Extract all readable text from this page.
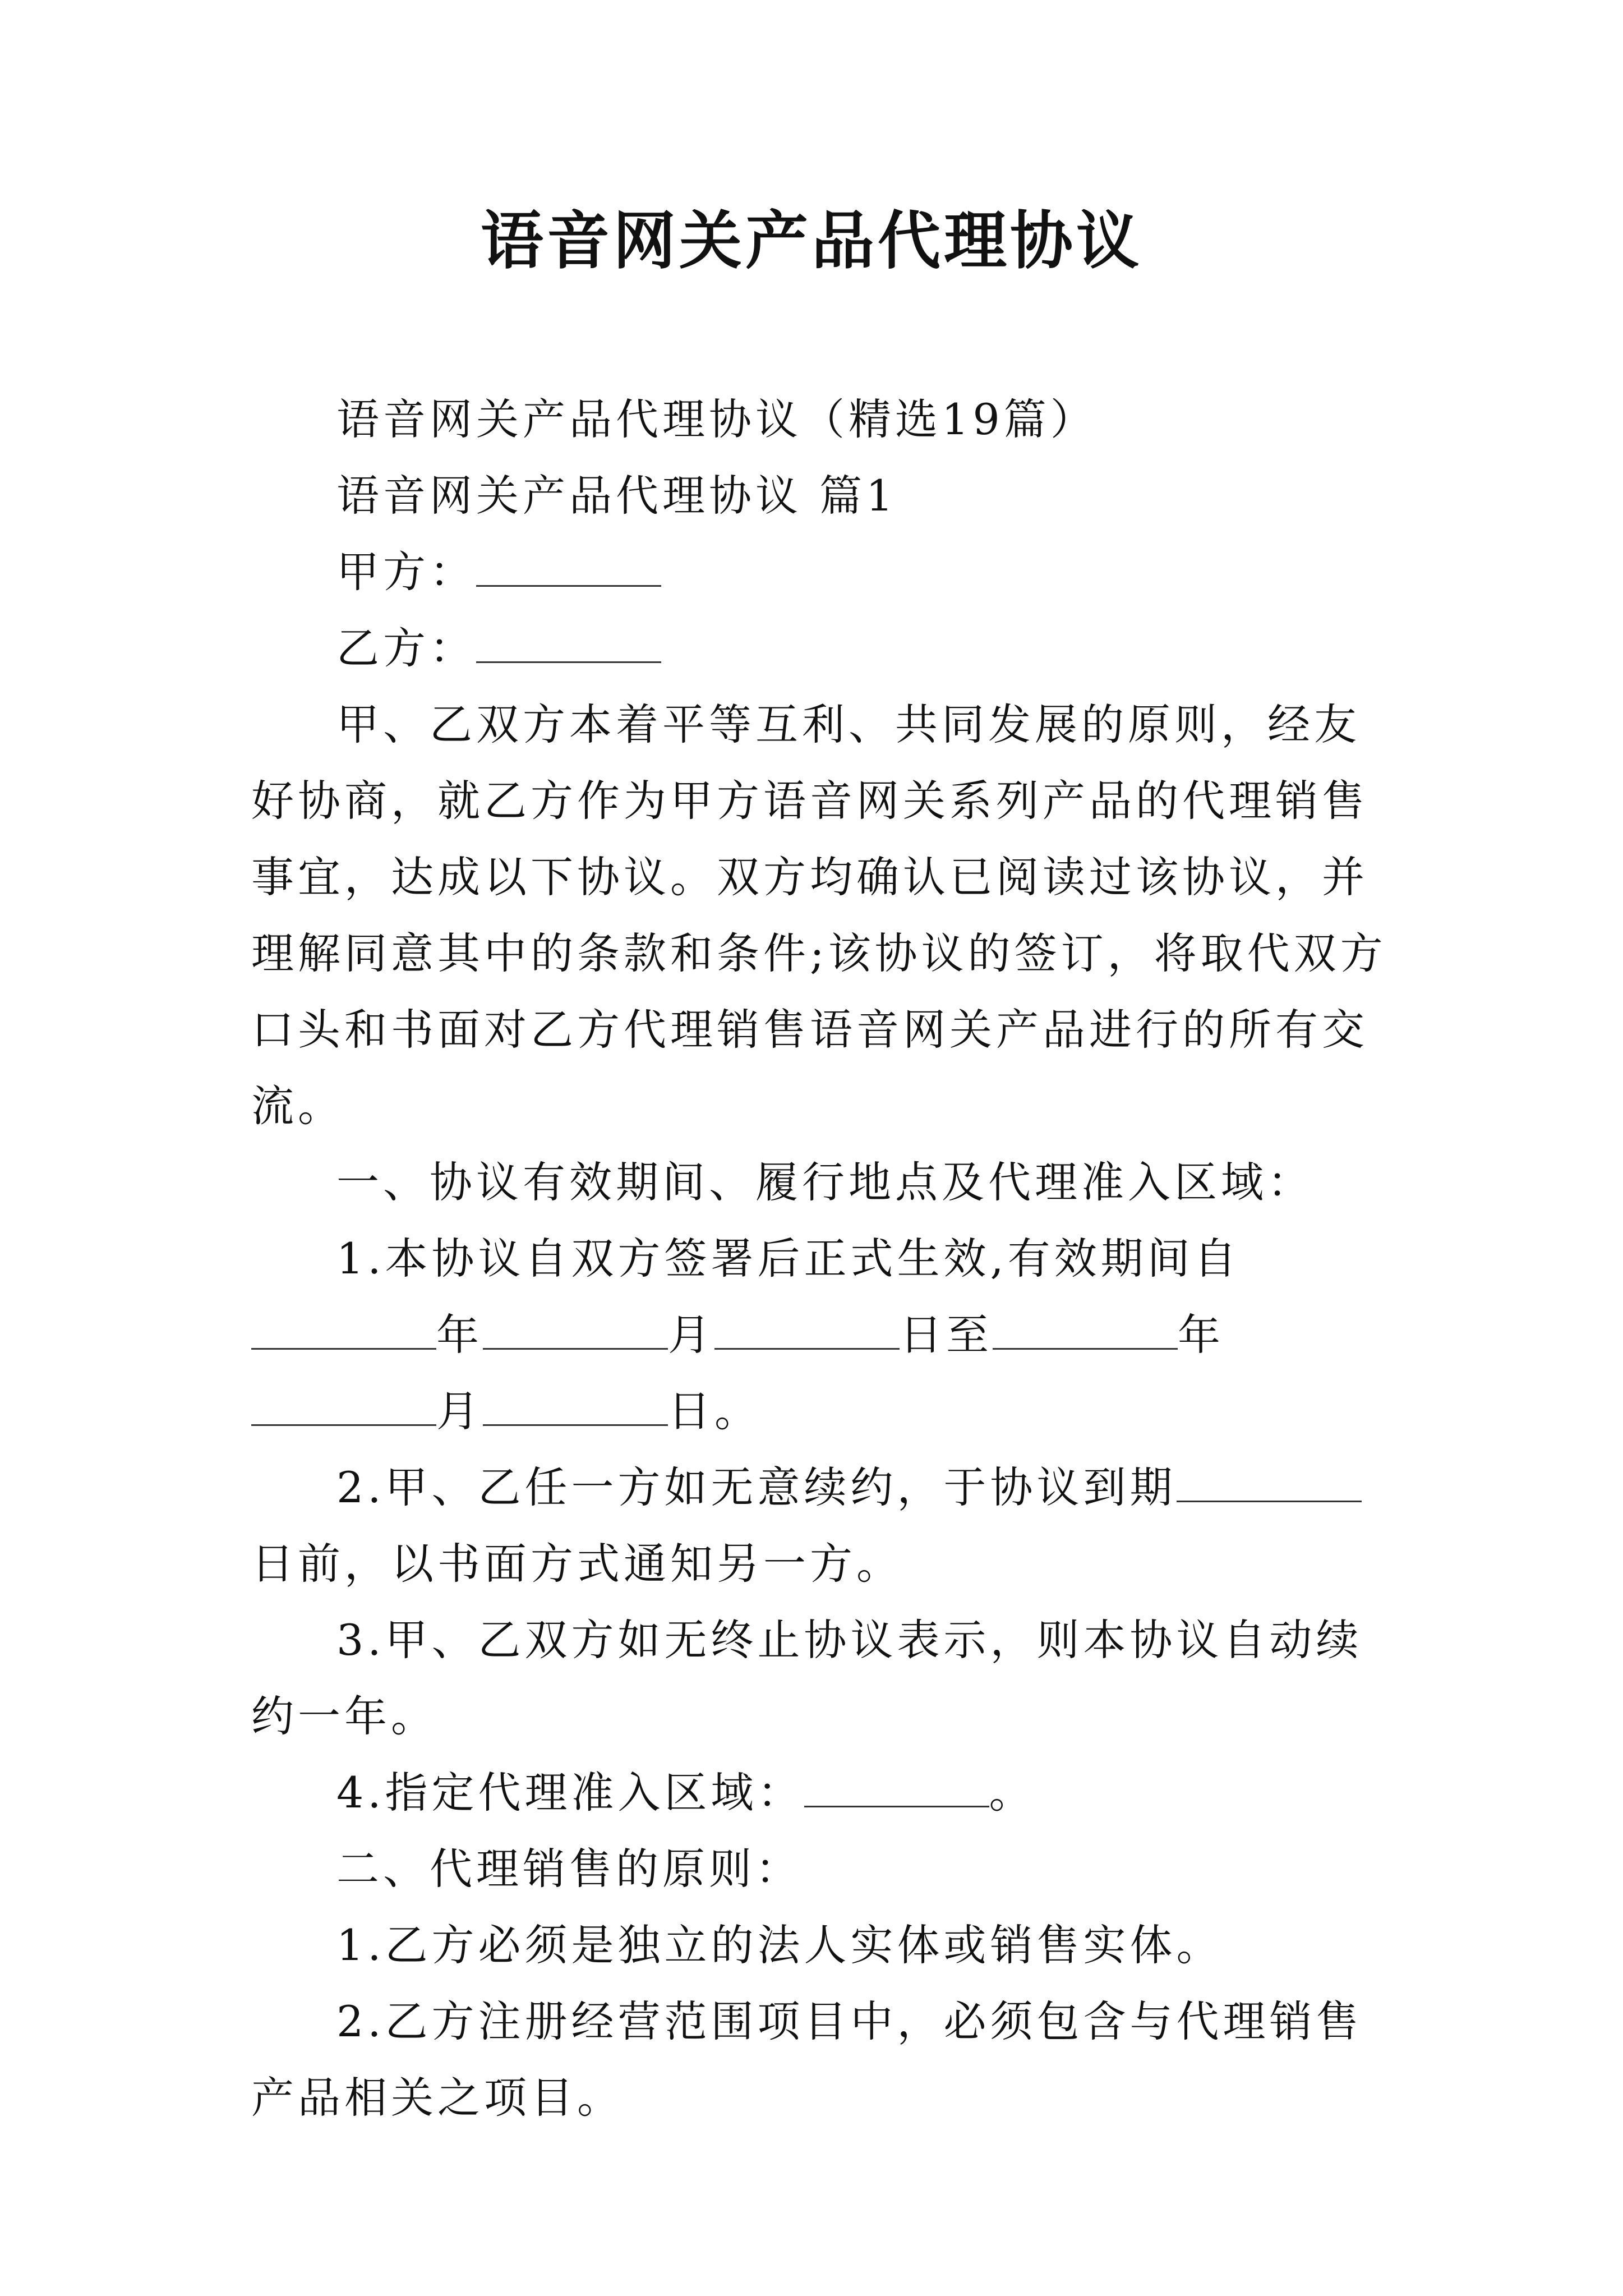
语音网关产品代理协议

语音网关产品代理协议（精选19篇）

语音网关产品代理协议 篇1

甲方：

乙方：

甲、乙双方本着平等互利、共同发展的原则，经友好协商，就乙方作为甲方语音网关系列产品的代理销售事宜，达成以下协议。双方均确认已阅读过该协议，并理解同意其中的条款和条件;该协议的签订，将取代双方口头和书面对乙方代理销售语音网关产品进行的所有交流。

一、协议有效期间、履行地点及代理准入区域：

1.本协议自双方签署后正式生效,有效期间自年	月	日至	年月	日。

2.甲、乙任一方如无意续约，于协议到期日前，以书面方式通知另一方。

3.甲、乙双方如无终止协议表示，则本协议自动续约一年。

4.指定代理准入区域：	。

二、代理销售的原则：

1.乙方必须是独立的法人实体或销售实体。

2.乙方注册经营范围项目中，必须包含与代理销售产品相关之项目。
